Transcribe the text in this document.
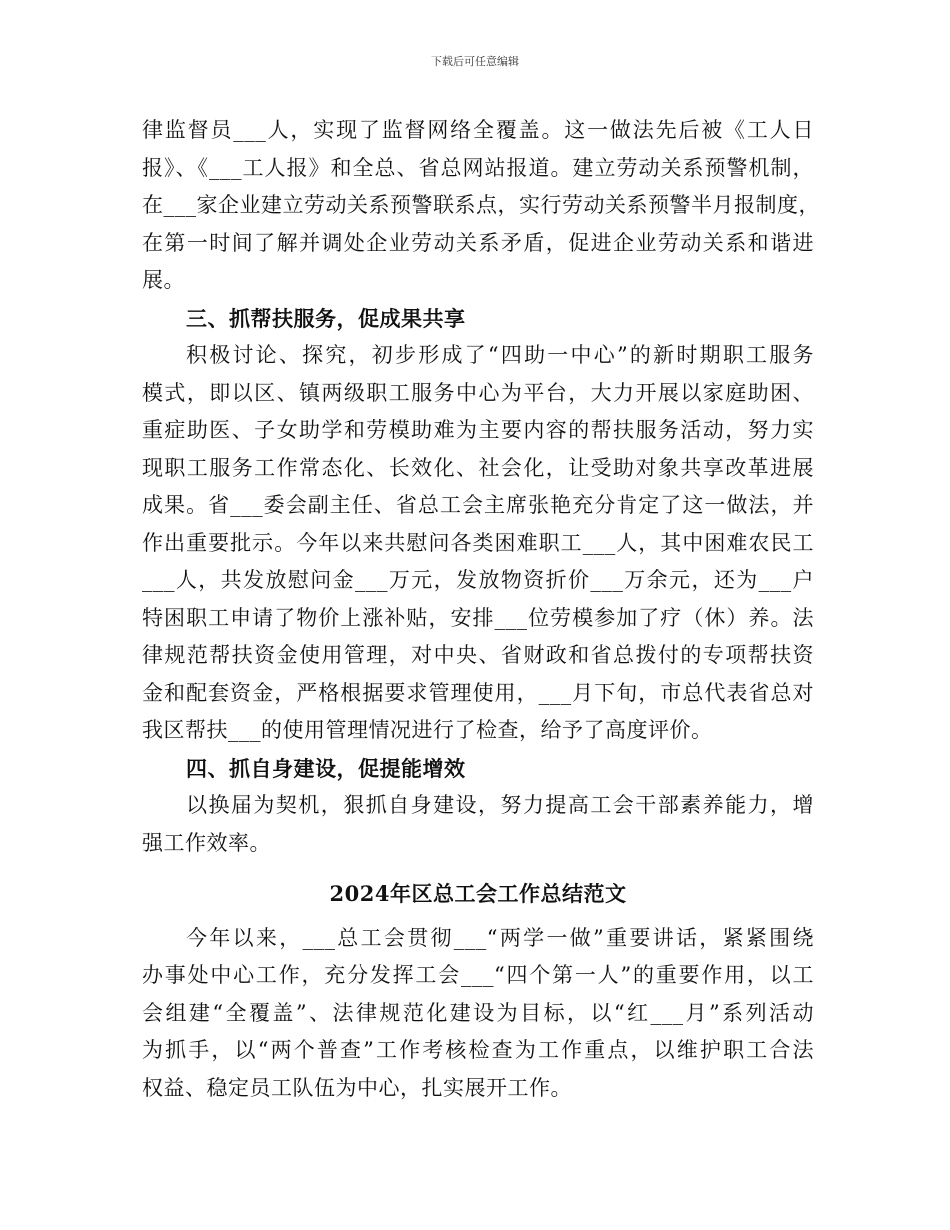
下载后可任意编辑
律监督员___人，实现了监督网络全覆盖。这一做法先后被《工人日
报》、《___工人报》和全总、省总网站报道。建立劳动关系预警机制，
在___家企业建立劳动关系预警联系点，实行劳动关系预警半月报制度，
在第一时间了解并调处企业劳动关系矛盾，促进企业劳动关系和谐进
展。
三、抓帮扶服务，促成果共享
积极讨论、探究，初步形成了“四助一中心”的新时期职工服务
模式，即以区、镇两级职工服务中心为平台，大力开展以家庭助困、
重症助医、子女助学和劳模助难为主要内容的帮扶服务活动，努力实
现职工服务工作常态化、长效化、社会化，让受助对象共享改革进展
成果。省___委会副主任、省总工会主席张艳充分肯定了这一做法，并
作出重要批示。今年以来共慰问各类困难职工___人，其中困难农民工
___人，共发放慰问金___万元，发放物资折价___万余元，还为___户
特困职工申请了物价上涨补贴，安排___位劳模参加了疗（休）养。法
律规范帮扶资金使用管理，对中央、省财政和省总拨付的专项帮扶资
金和配套资金，严格根据要求管理使用，___月下旬，市总代表省总对
我区帮扶___的使用管理情况进行了检查，给予了高度评价。
四、抓自身建设，促提能增效
以换届为契机，狠抓自身建设，努力提高工会干部素养能力，增
强工作效率。
2024年区总工会工作总结范文
今年以来，___总工会贯彻___“两学一做”重要讲话，紧紧围绕
办事处中心工作，充分发挥工会___“四个第一人”的重要作用，以工
会组建“全覆盖”、法律规范化建设为目标，以“红___月”系列活动
为抓手，以“两个普查”工作考核检查为工作重点，以维护职工合法
权益、稳定员工队伍为中心，扎实展开工作。
